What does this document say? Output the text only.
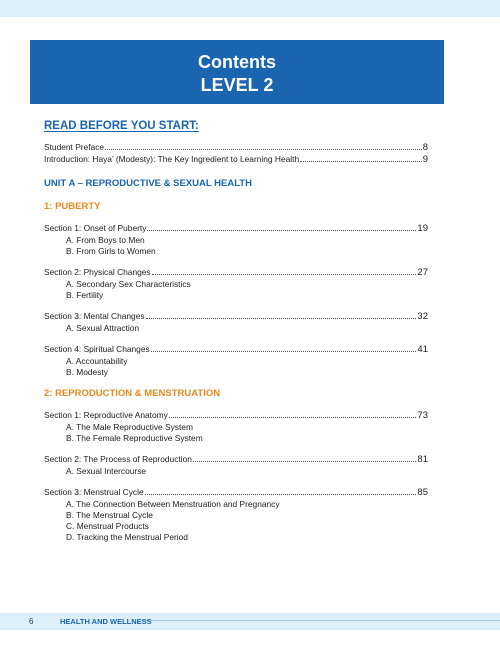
Contents
LEVEL 2
READ BEFORE YOU START:
Student Preface	8
Introduction: Haya’ (Modesty): The Key Ingredient to Learning Health	9
UNIT A – REPRODUCTIVE & SEXUAL HEALTH
1: PUBERTY
Section 1: Onset of Puberty	19
A. From Boys to Men
B. From Girls to Women
Section 2: Physical Changes	27
A. Secondary Sex Characteristics
B. Fertility
Section 3: Mental Changes	32
A. Sexual Attraction
Section 4: Spiritual Changes	41
A. Accountability
B. Modesty
2: REPRODUCTION & MENSTRUATION
Section 1: Reproductive Anatomy	73
A. The Male Reproductive System
B. The Female Reproductive System
Section 2: The Process of Reproduction	81
A. Sexual Intercourse
Section 3: Menstrual Cycle	85
A. The Connection Between Menstruation and Pregnancy
B. The Menstrual Cycle
C. Menstrual Products
D. Tracking the Menstrual Period
6	HEALTH AND WELLNESS
